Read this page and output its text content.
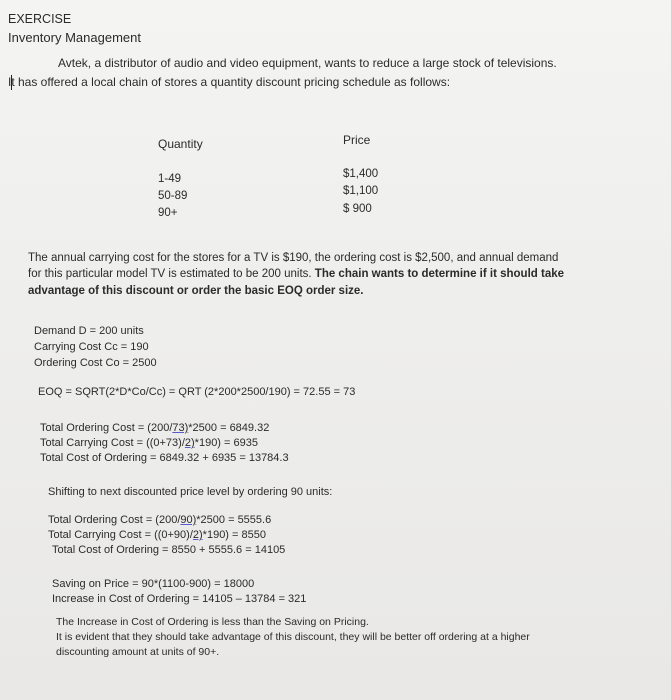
EXERCISE
Inventory Management
Avtek, a distributor of audio and video equipment, wants to reduce a large stock of televisions.
It has offered a local chain of stores a quantity discount pricing schedule as follows:
Quantity	Price
1-49	$1,400
50-89	$1,100
90+	$ 900
The annual carrying cost for the stores for a TV is $190, the ordering cost is $2,500, and annual demand
for this particular model TV is estimated to be 200 units. The chain wants to determine if it should take
advantage of this discount or order the basic EOQ order size.
Demand D = 200 units
Carrying Cost Cc = 190
Ordering Cost Co = 2500
EOQ = SQRT(2*D*Co/Cc) = QRT (2*200*2500/190) = 72.55 = 73
Total Ordering Cost = (200/73)*2500 = 6849.32
Total Carrying Cost = ((0+73)/2)*190) = 6935
Total Cost of Ordering = 6849.32 + 6935 = 13784.3
Shifting to next discounted price level by ordering 90 units:
Total Ordering Cost = (200/90)*2500 = 5555.6
Total Carrying Cost = ((0+90)/2)*190) = 8550
Total Cost of Ordering = 8550 + 5555.6 = 14105
Saving on Price = 90*(1100-900) = 18000
Increase in Cost of Ordering = 14105 – 13784 = 321
The Increase in Cost of Ordering is less than the Saving on Pricing.
It is evident that they should take advantage of this discount, they will be better off ordering at a higher
discounting amount at units of 90+.
